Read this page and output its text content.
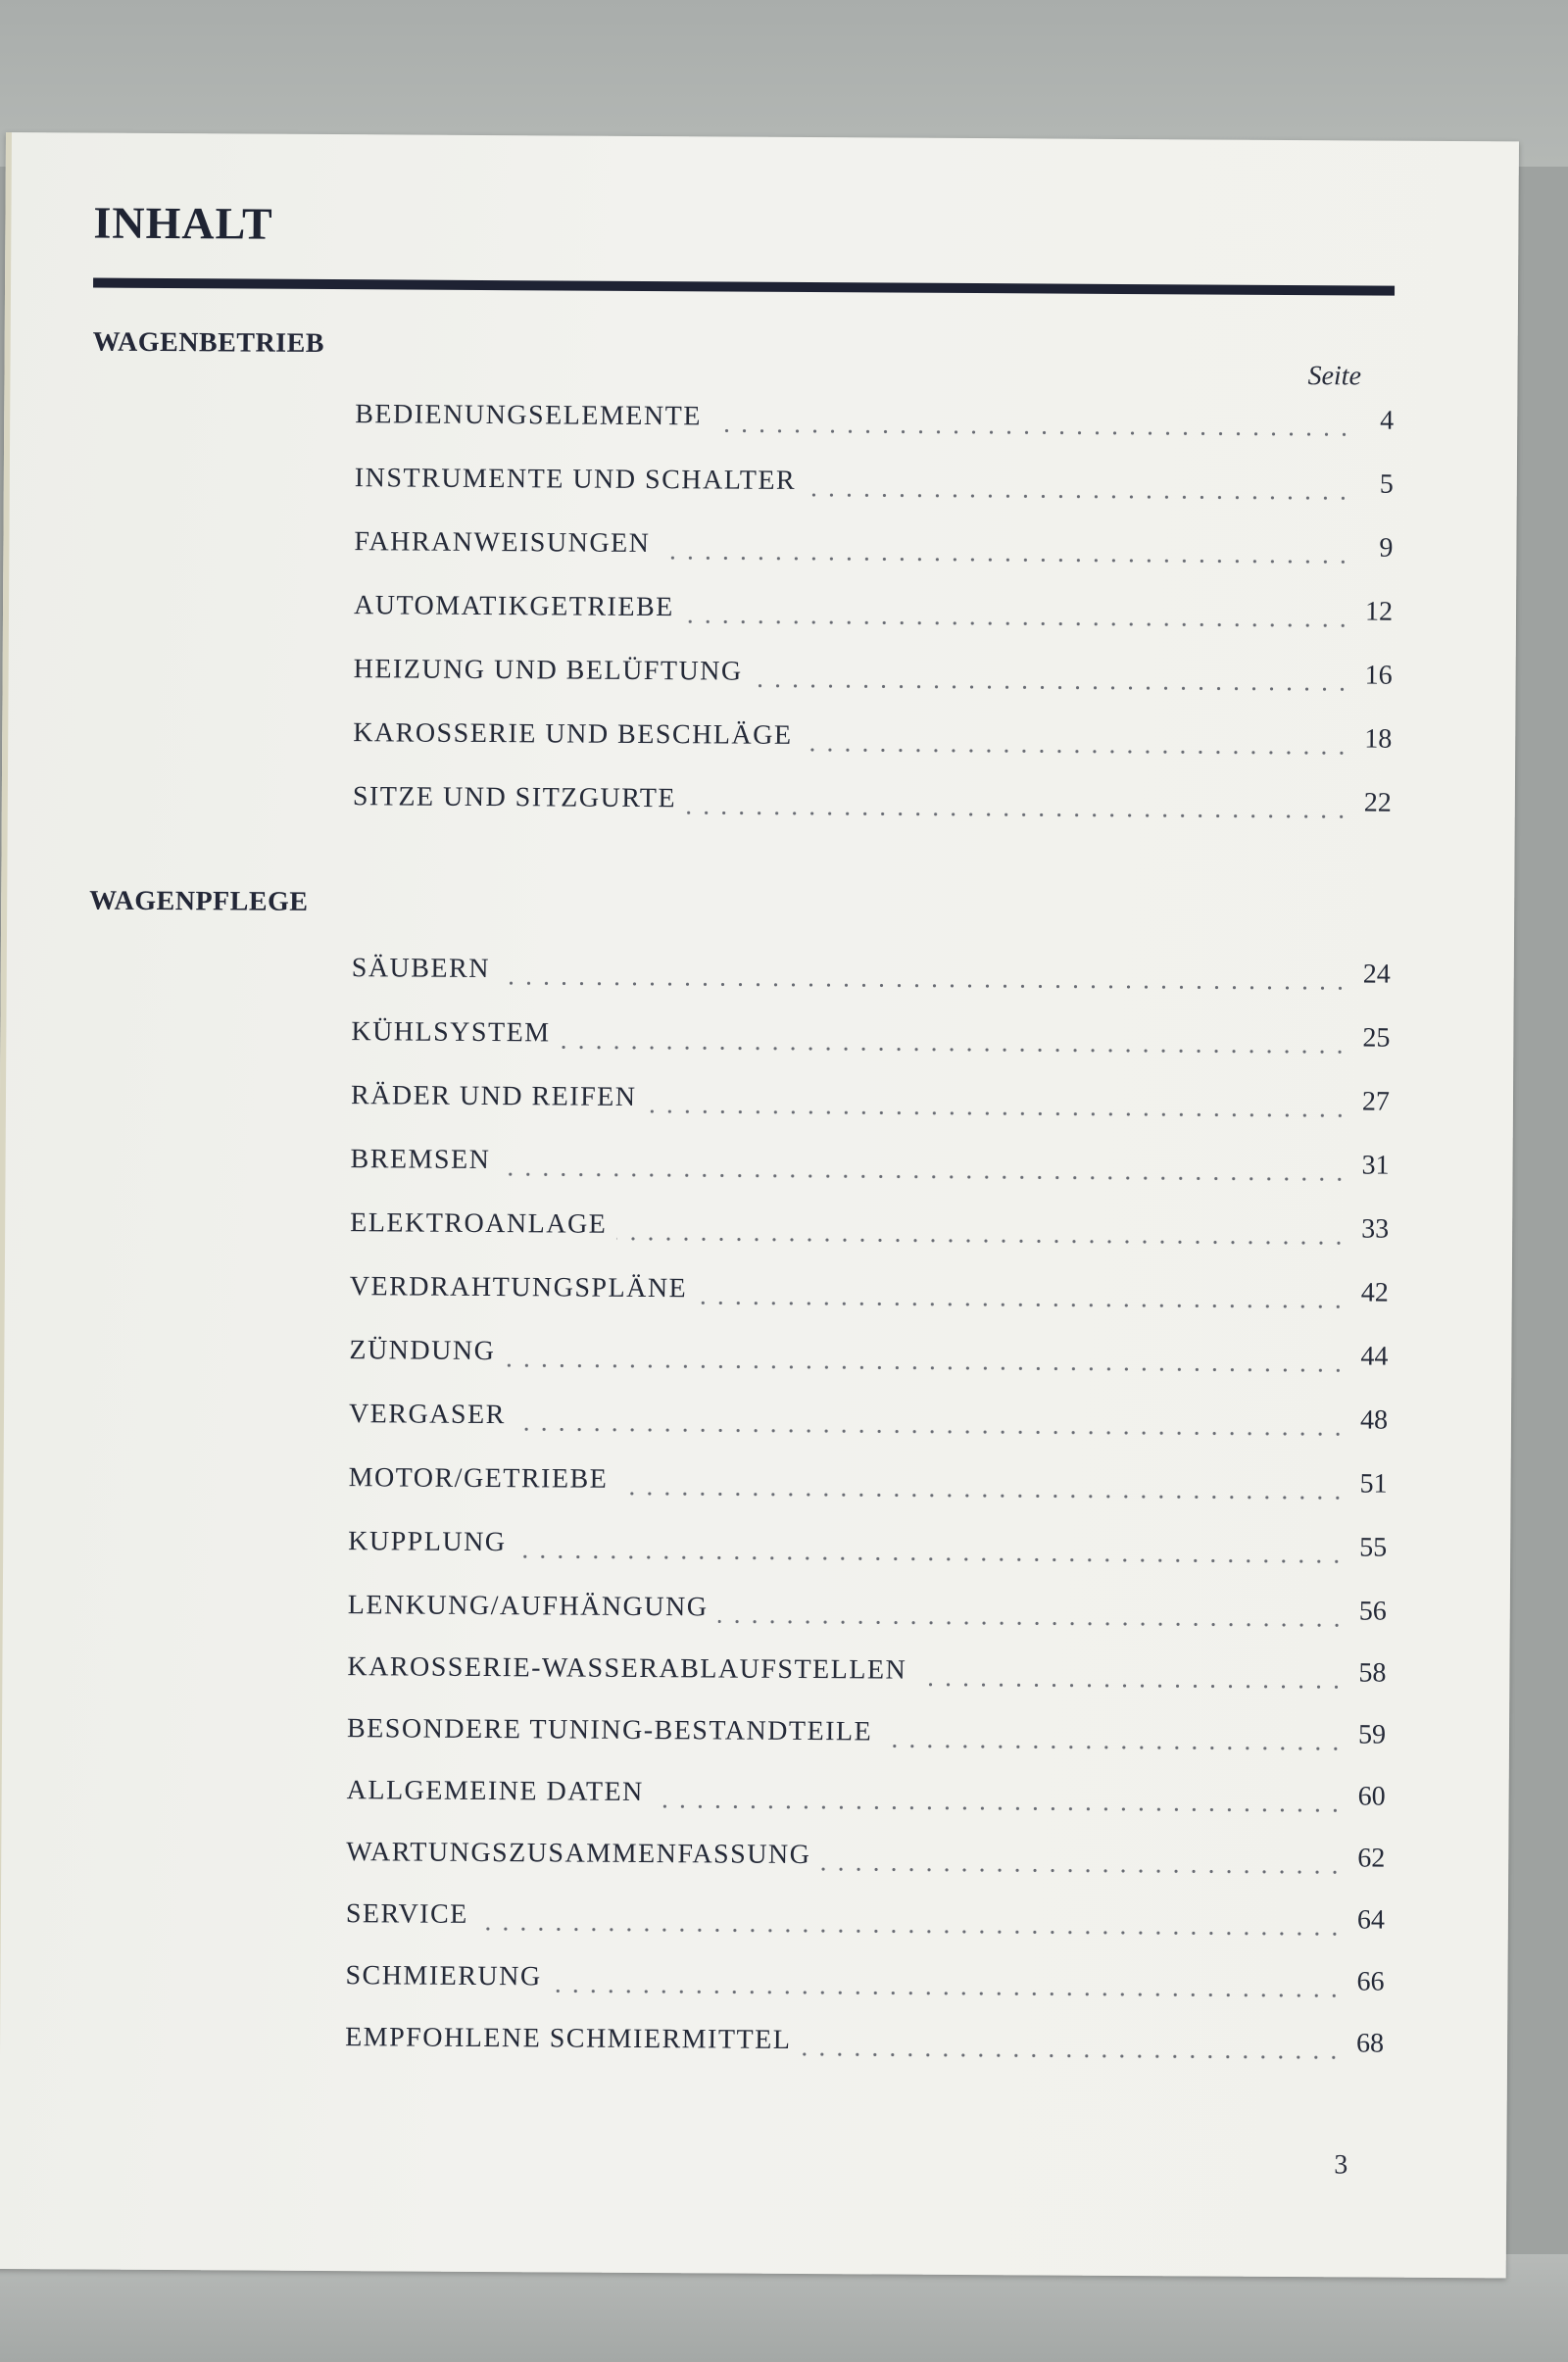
INHALT
WAGENBETRIEB
Seite
BEDIENUNGSELEMENTE	4
INSTRUMENTE UND SCHALTER	5
FAHRANWEISUNGEN	9
AUTOMATIKGETRIEBE	12
HEIZUNG UND BELÜFTUNG	16
KAROSSERIE UND BESCHLÄGE	18
SITZE UND SITZGURTE	22
WAGENPFLEGE
SÄUBERN	24
KÜHLSYSTEM	25
RÄDER UND REIFEN	27
BREMSEN	31
ELEKTROANLAGE	33
VERDRAHTUNGSPLÄNE	42
ZÜNDUNG	44
VERGASER	48
MOTOR/GETRIEBE	51
KUPPLUNG	55
LENKUNG/AUFHÄNGUNG	56
KAROSSERIE-WASSERABLAUFSTELLEN	58
BESONDERE TUNING-BESTANDTEILE	59
ALLGEMEINE DATEN	60
WARTUNGSZUSAMMENFASSUNG	62
SERVICE	64
SCHMIERUNG	66
EMPFOHLENE SCHMIERMITTEL	68
3
